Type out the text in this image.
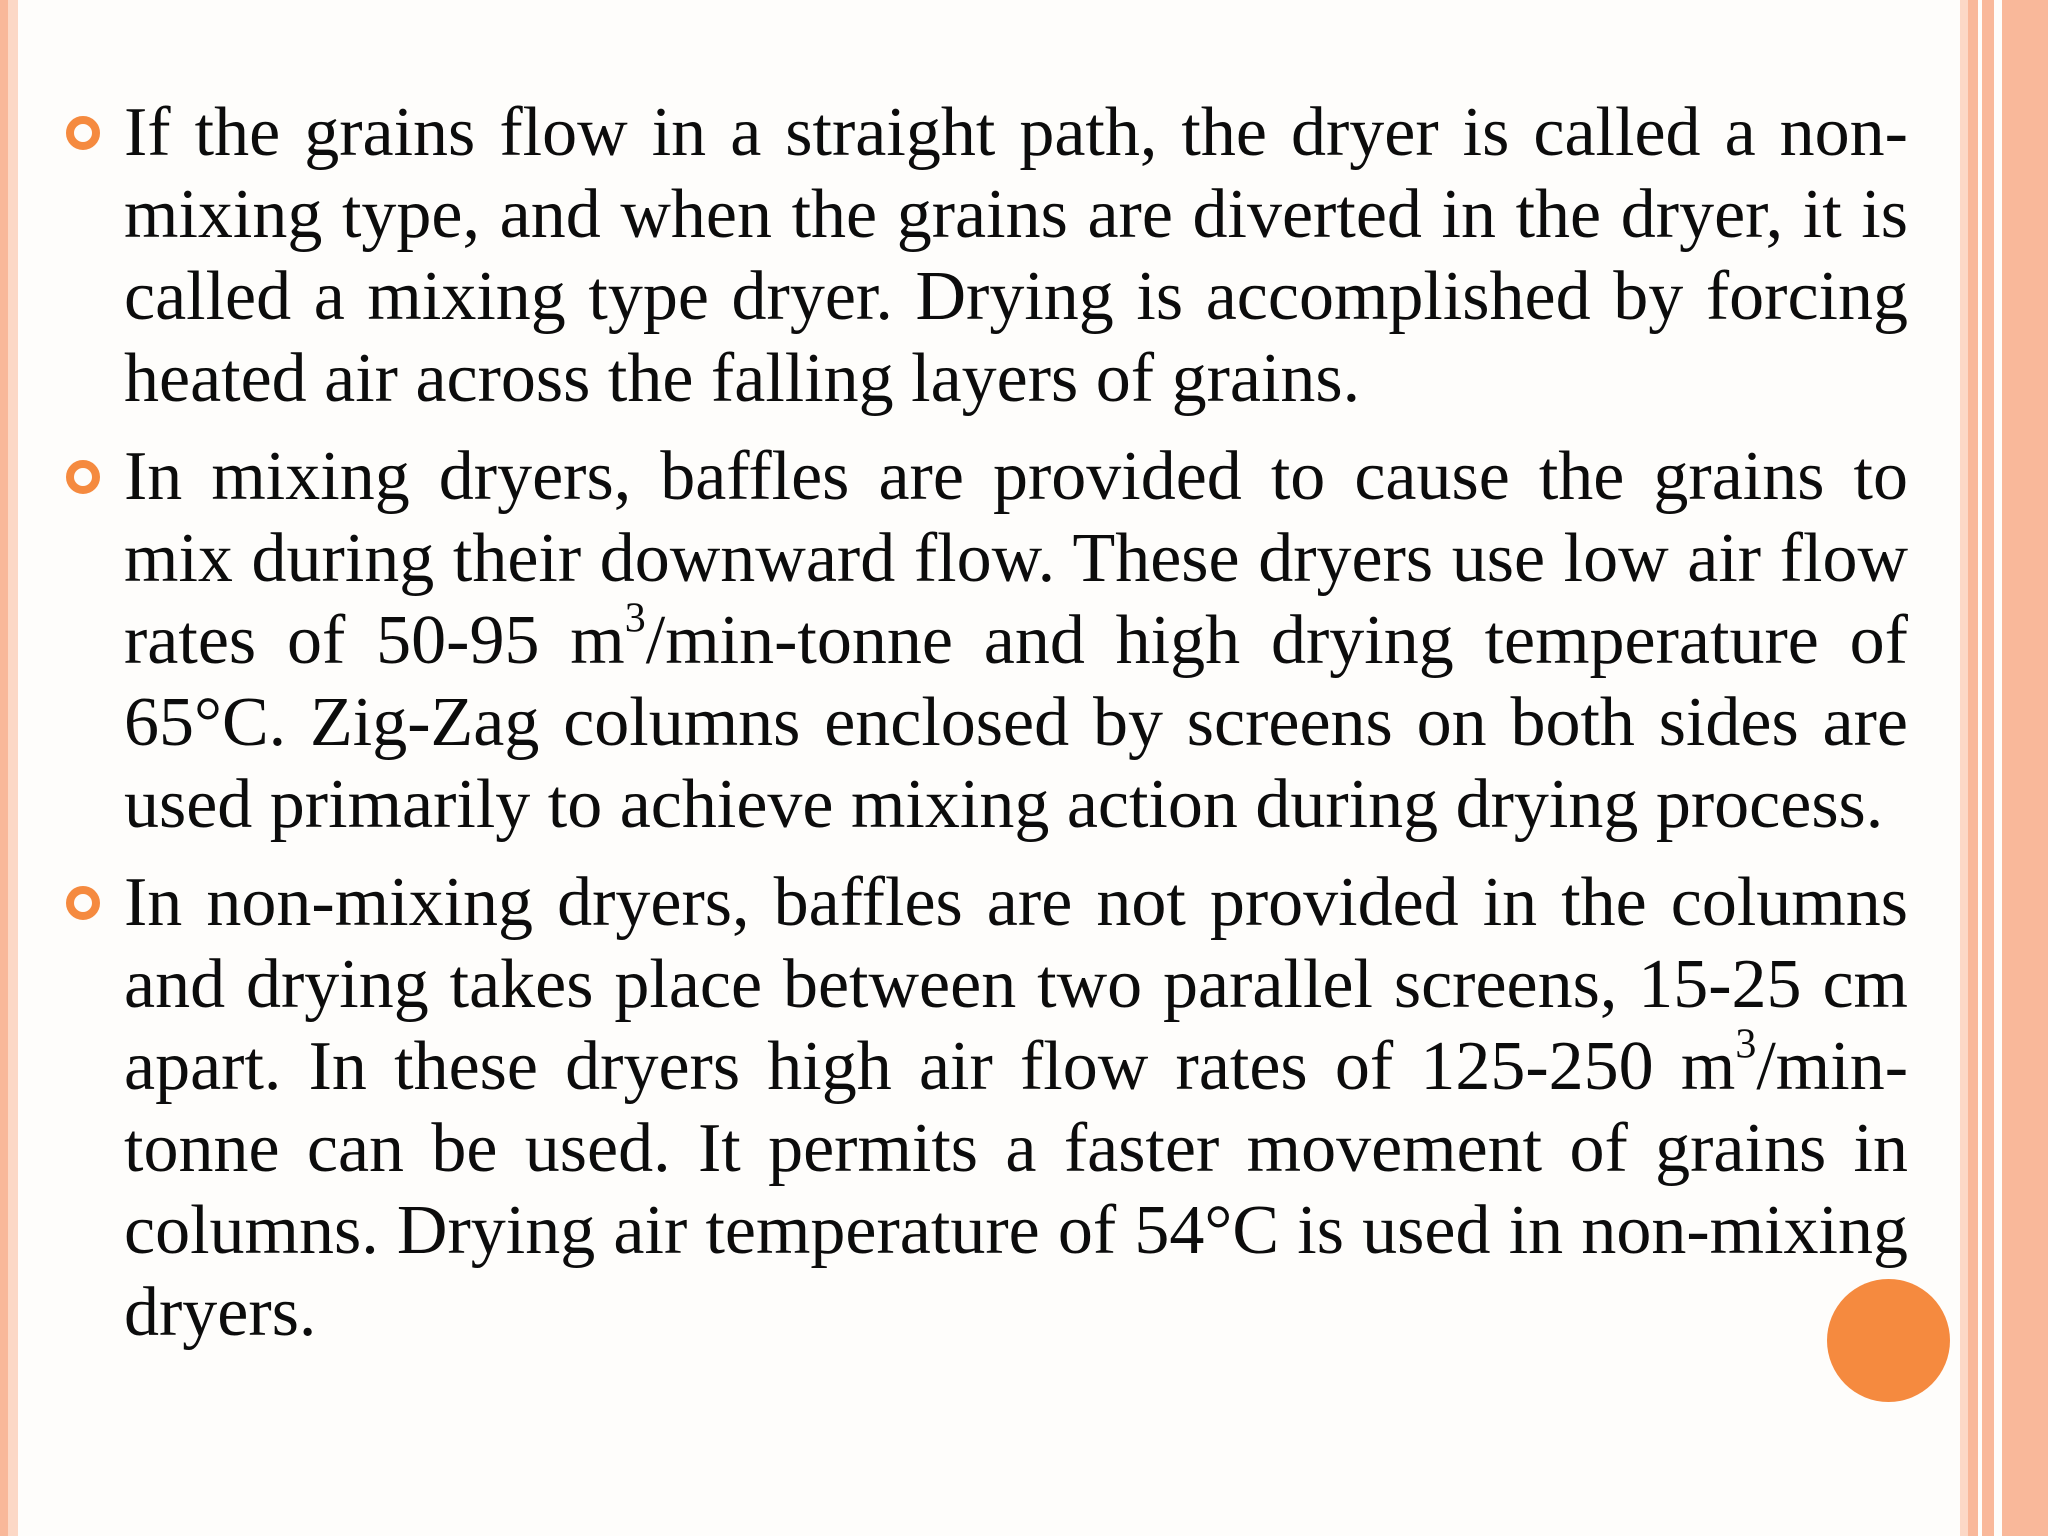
If the grains flow in a straight path, the dryer is called a non-mixing type, and when the grains are diverted in the dryer, it is called a mixing type dryer. Drying is accomplished by forcing heated air across the falling layers of grains.
In mixing dryers, baffles are provided to cause the grains to mix during their downward flow. These dryers use low air flow rates of 50-95 $m^3/\min$-tonne and high drying temperature of 65°C. Zig-Zag columns enclosed by screens on both sides are used primarily to achieve mixing action during drying process.
In non-mixing dryers, baffles are not provided in the columns and drying takes place between two parallel screens, 15-25 cm apart. In these dryers high air flow rates of 125-250 $m^3/\min$-tonne can be used. It permits a faster movement of grains in columns. Drying air temperature of 54°C is used in non-mixing dryers.
